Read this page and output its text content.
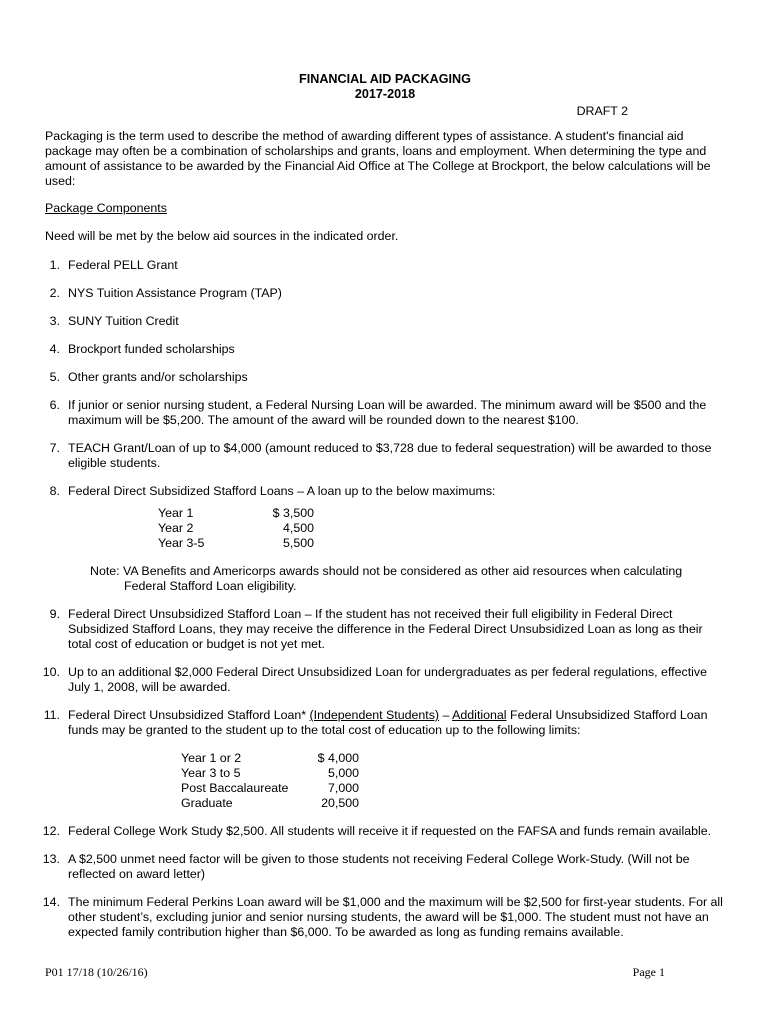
FINANCIAL AID PACKAGING
2017-2018
DRAFT 2

Packaging is the term used to describe the method of awarding different types of assistance. A student's financial aid package may often be a combination of scholarships and grants, loans and employment. When determining the type and amount of assistance to be awarded by the Financial Aid Office at The College at Brockport, the below calculations will be used:

Package Components

Need will be met by the below aid sources in the indicated order.

1. Federal PELL Grant
2. NYS Tuition Assistance Program (TAP)
3. SUNY Tuition Credit
4. Brockport funded scholarships
5. Other grants and/or scholarships
6. If junior or senior nursing student, a Federal Nursing Loan will be awarded. The minimum award will be $500 and the maximum will be $5,200. The amount of the award will be rounded down to the nearest $100.
7. TEACH Grant/Loan of up to $4,000 (amount reduced to $3,728 due to federal sequestration) will be awarded to those eligible students.
8. Federal Direct Subsidized Stafford Loans – A loan up to the below maximums:
Year 1	$ 3,500
Year 2	4,500
Year 3-5	5,500

Note: VA Benefits and Americorps awards should not be considered as other aid resources when calculating Federal Stafford Loan eligibility.

9. Federal Direct Unsubsidized Stafford Loan – If the student has not received their full eligibility in Federal Direct Subsidized Stafford Loans, they may receive the difference in the Federal Direct Unsubsidized Loan as long as their total cost of education or budget is not yet met.
10. Up to an additional $2,000 Federal Direct Unsubsidized Loan for undergraduates as per federal regulations, effective July 1, 2008, will be awarded.
11. Federal Direct Unsubsidized Stafford Loan* (Independent Students) – Additional Federal Unsubsidized Stafford Loan funds may be granted to the student up to the total cost of education up to the following limits:
Year 1 or 2	$ 4,000
Year 3 to 5	5,000
Post Baccalaureate	7,000
Graduate	20,500
12. Federal College Work Study $2,500. All students will receive it if requested on the FAFSA and funds remain available.
13. A $2,500 unmet need factor will be given to those students not receiving Federal College Work-Study. (Will not be reflected on award letter)
14. The minimum Federal Perkins Loan award will be $1,000 and the maximum will be $2,500 for first-year students. For all other student’s, excluding junior and senior nursing students, the award will be $1,000. The student must not have an expected family contribution higher than $6,000. To be awarded as long as funding remains available.
P01 17/18 (10/26/16)	Page 1
